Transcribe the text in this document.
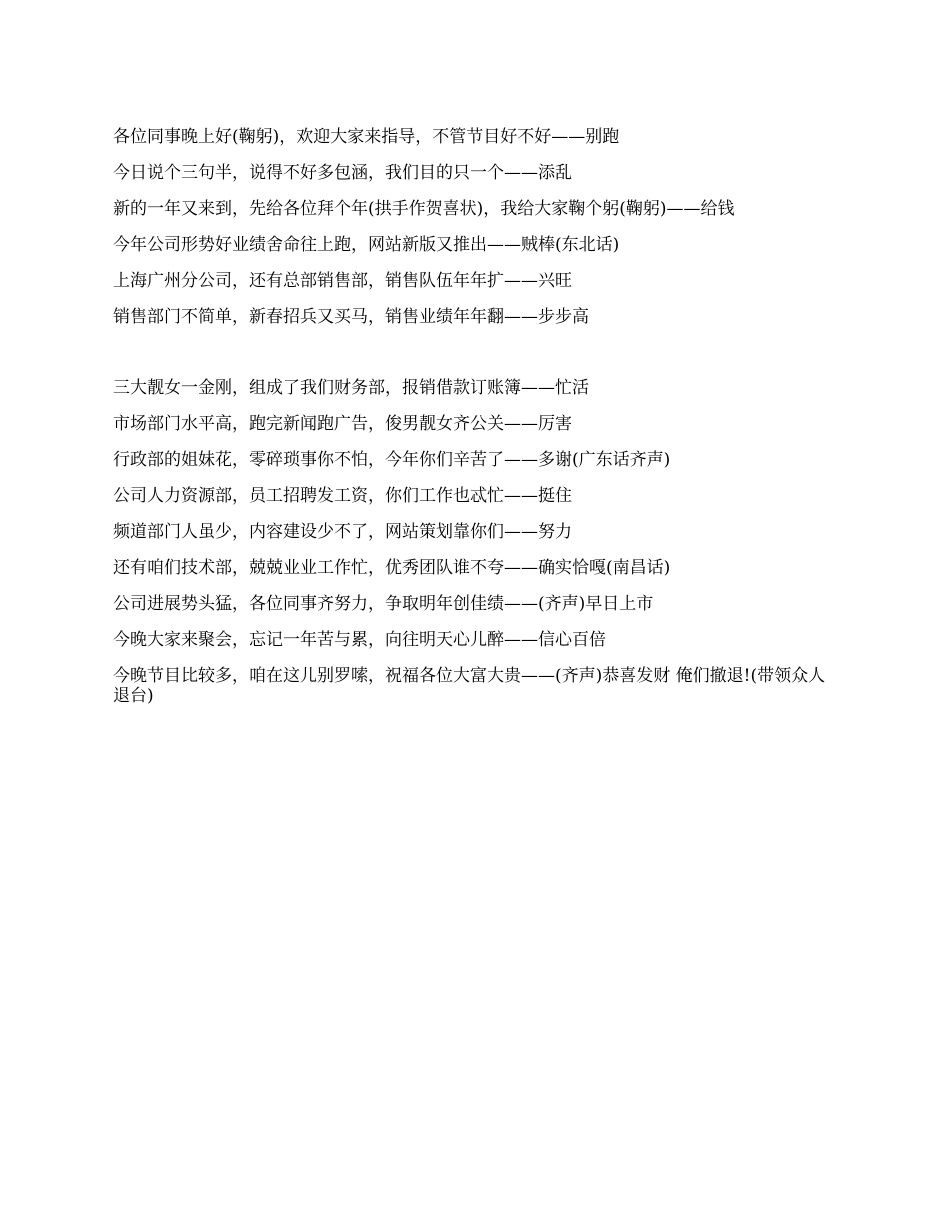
各位同事晚上好(鞠躬)，欢迎大家来指导，不管节目好不好——别跑
今日说个三句半，说得不好多包涵，我们目的只一个——添乱
新的一年又来到，先给各位拜个年(拱手作贺喜状)，我给大家鞠个躬(鞠躬)——给钱
今年公司形势好业绩舍命往上跑，网站新版又推出——贼棒(东北话)
上海广州分公司，还有总部销售部，销售队伍年年扩——兴旺
销售部门不简单，新春招兵又买马，销售业绩年年翻——步步高
三大靓女一金刚，组成了我们财务部，报销借款订账簿——忙活
市场部门水平高，跑完新闻跑广告，俊男靓女齐公关——厉害
行政部的姐妹花，零碎琐事你不怕，今年你们辛苦了——多谢(广东话齐声)
公司人力资源部，员工招聘发工资，你们工作也忒忙——挺住
频道部门人虽少，内容建设少不了，网站策划靠你们——努力
还有咱们技术部，兢兢业业工作忙，优秀团队谁不夸——确实恰嘎(南昌话)
公司进展势头猛，各位同事齐努力，争取明年创佳绩——(齐声)早日上市
今晚大家来聚会，忘记一年苦与累，向往明天心儿醉——信心百倍
今晚节目比较多，咱在这儿别罗嗦，祝福各位大富大贵——(齐声)恭喜发财 俺们撤退!(带领众人退台)
